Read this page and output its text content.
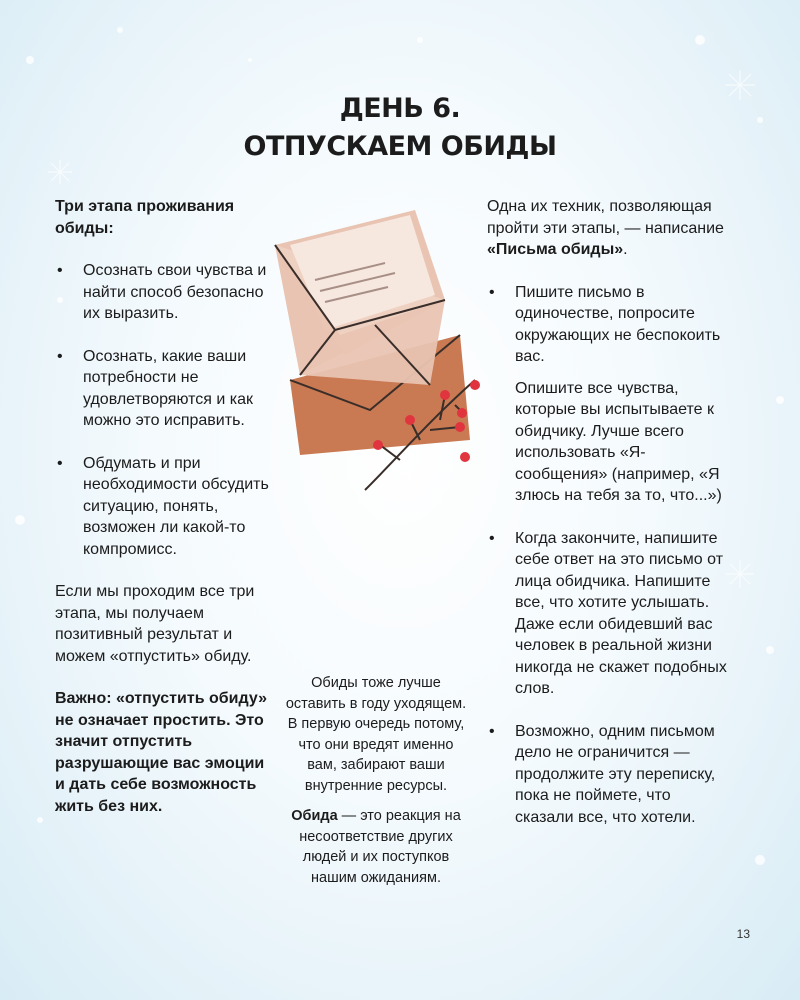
ДЕНЬ 6.
ОТПУСКАЕМ ОБИДЫ

Три этапа проживания обиды:

• Осознать свои чувства и найти способ безопасно их выразить.
• Осознать, какие ваши потребности не удовлетворяются и как можно это исправить.
• Обдумать и при необходимости обсудить ситуацию, понять, возможен ли какой-то компромисс.

Если мы проходим все три этапа, мы получаем позитивный результат и можем «отпустить» обиду.

Важно: «отпустить обиду» не означает простить. Это значит отпустить разрушающие вас эмоции и дать себе возможность жить без них.

Обиды тоже лучше оставить в году уходящем. В первую очередь потому, что они вредят именно вам, забирают ваши внутренние ресурсы.

Обида — это реакция на несоответствие других людей и их поступков нашим ожиданиям.

Одна их техник, позволяющая пройти эти этапы, — написание «Письма обиды».

• Пишите письмо в одиночестве, попросите окружающих не беспокоить вас.
Опишите все чувства, которые вы испытываете к обидчику. Лучше всего использовать «Я-сообщения» (например, «Я злюсь на тебя за то, что...»)
• Когда закончите, напишите себе ответ на это письмо от лица обидчика. Напишите все, что хотите услышать. Даже если обидевший вас человек в реальной жизни никогда не скажет подобных слов.
• Возможно, одним письмом дело не ограничится — продолжите эту переписку, пока не поймете, что сказали все, что хотели.
13
